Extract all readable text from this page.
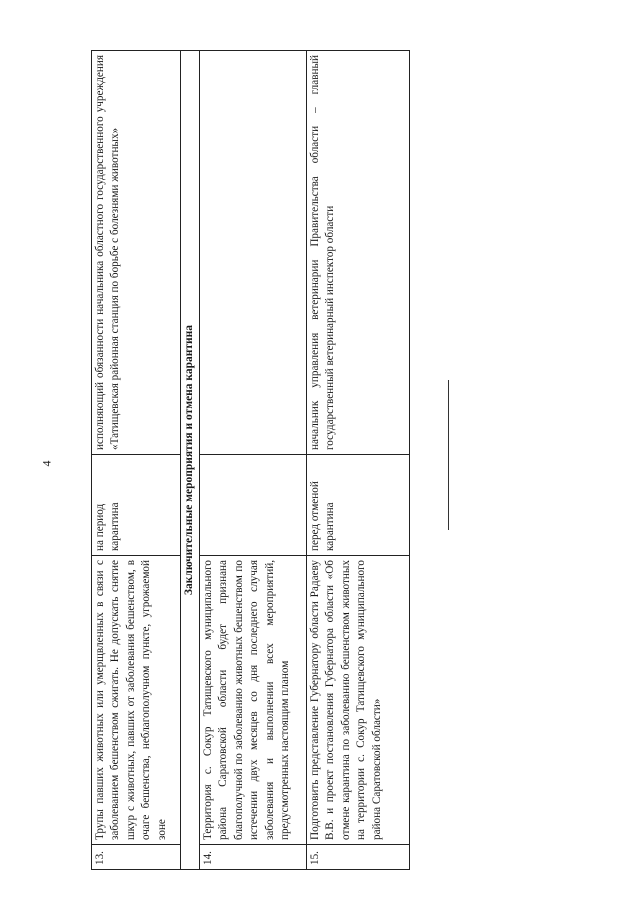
4
13.	Трупы павших животных или умерщвленных в связи с заболеванием бешенством сжигать. Не допускать снятие шкур с животных, павших от заболевания бешенством, в очаге бешенства, неблагополучном пункте, угрожаемой зоне	на период карантина	исполняющий обязанности начальника областного государственного учреждения «Татищевская районная станция по борьбе с болезнями животных»
Заключительные мероприятия и отмена карантина			
14.	Территория с. Сокур Татищевского муниципального района Саратовской области будет признана благополучной по заболеванию животных бешенством по истечении двух месяцев со дня последнего случая заболевания и выполнении всех мероприятий, предусмотренных настоящим планом		
15.	Подготовить представление Губернатору области Радаеву В.В. и проект постановления Губернатора области «Об отмене карантина по заболеванию бешенством животных на территории с. Сокур Татищевского муниципального района Саратовской области»	перед отменой карантина	начальник управления ветеринарии Правительства области – главный государственный ветеринарный инспектор области
